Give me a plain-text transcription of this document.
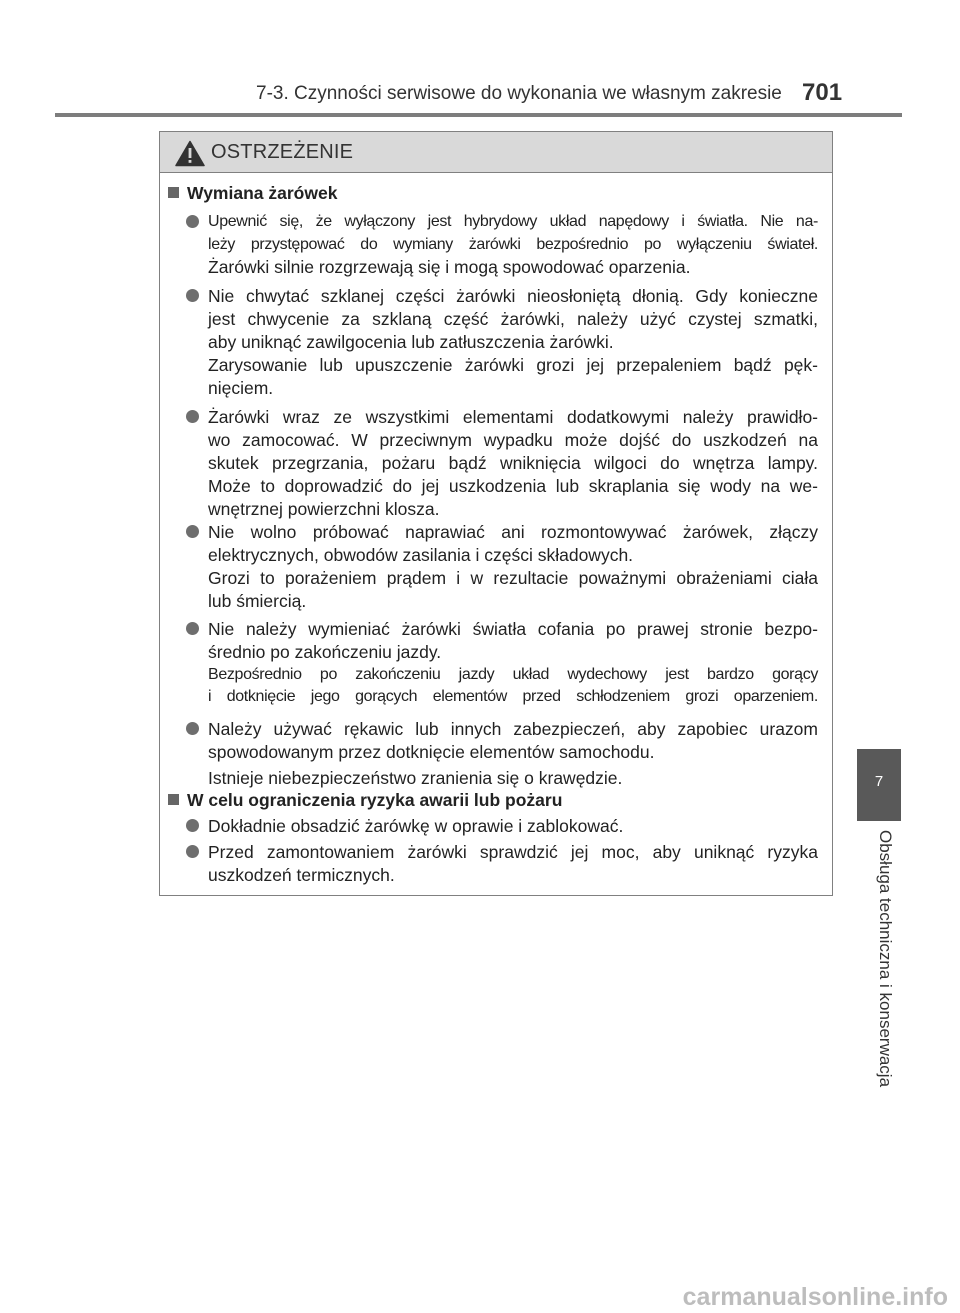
7-3. Czynności serwisowe do wykonania we własnym zakresie 701
OSTRZEŻENIE
Wymiana żarówek
Upewnić się, że wyłączony jest hybrydowy układ napędowy i światła. Nie na-
leży przystępować do wymiany żarówki bezpośrednio po wyłączeniu świateł.
Żarówki silnie rozgrzewają się i mogą spowodować oparzenia.
Nie chwytać szklanej części żarówki nieosłoniętą dłonią. Gdy konieczne
jest chwycenie za szklaną część żarówki, należy użyć czystej szmatki,
aby uniknąć zawilgocenia lub zatłuszczenia żarówki.
Zarysowanie lub upuszczenie żarówki grozi jej przepaleniem bądź pęk-
nięciem.
Żarówki wraz ze wszystkimi elementami dodatkowymi należy prawidło-
wo zamocować. W przeciwnym wypadku może dojść do uszkodzeń na
skutek przegrzania, pożaru bądź wniknięcia wilgoci do wnętrza lampy.
Może to doprowadzić do jej uszkodzenia lub skraplania się wody na we-
wnętrznej powierzchni klosza.
Nie wolno próbować naprawiać ani rozmontowywać żarówek, złączy
elektrycznych, obwodów zasilania i części składowych.
Grozi to porażeniem prądem i w rezultacie poważnymi obrażeniami ciała
lub śmiercią.
Nie należy wymieniać żarówki światła cofania po prawej stronie bezpo-
średnio po zakończeniu jazdy.
Bezpośrednio po zakończeniu jazdy układ wydechowy jest bardzo gorący
i dotknięcie jego gorących elementów przed schłodzeniem grozi oparzeniem.
Należy używać rękawic lub innych zabezpieczeń, aby zapobiec urazom
spowodowanym przez dotknięcie elementów samochodu.
Istnieje niebezpieczeństwo zranienia się o krawędzie.
W celu ograniczenia ryzyka awarii lub pożaru
Dokładnie obsadzić żarówkę w oprawie i zablokować.
Przed zamontowaniem żarówki sprawdzić jej moc, aby uniknąć ryzyka
uszkodzeń termicznych.
7
Obsługa techniczna i konserwacja
carmanualsonline.info
